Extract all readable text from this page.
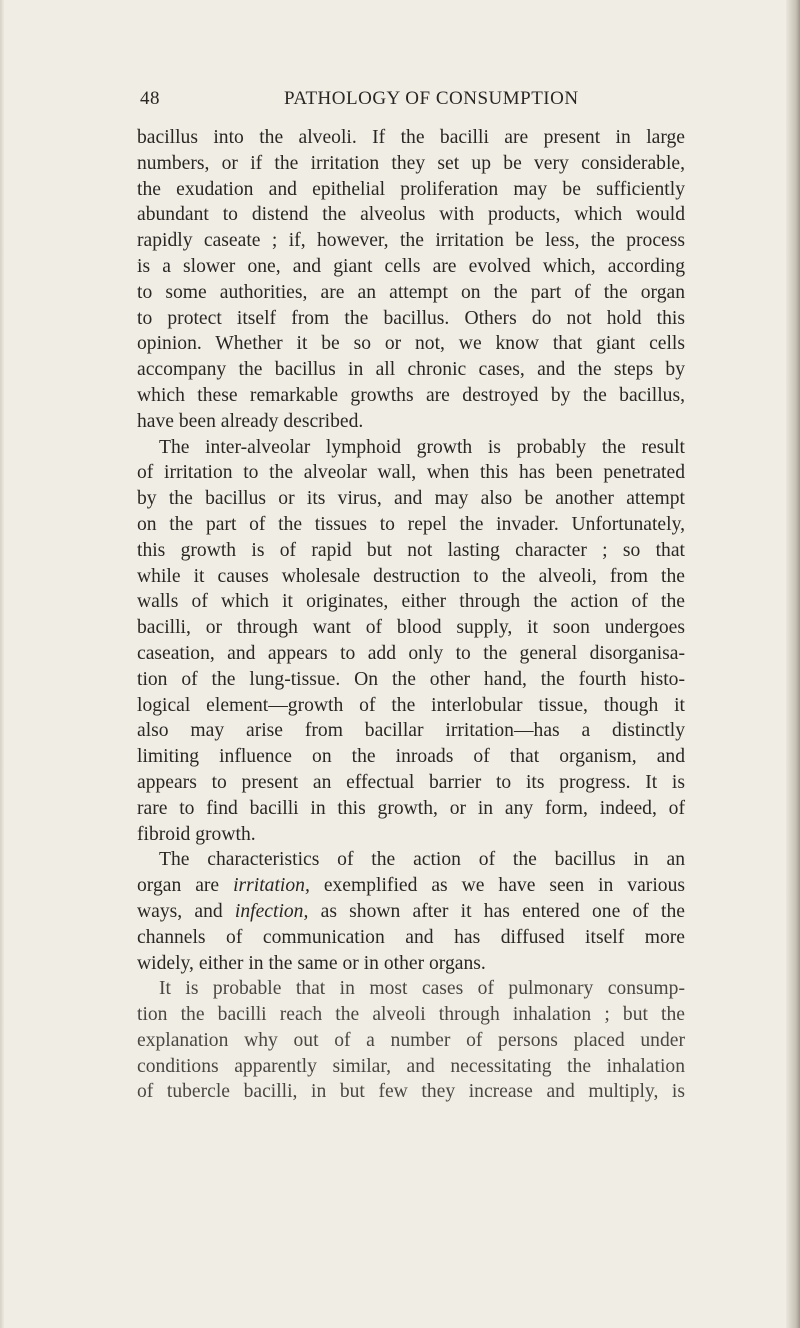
48	PATHOLOGY OF CONSUMPTION
bacillus into the alveoli. If the bacilli are present in large
numbers, or if the irritation they set up be very considerable,
the exudation and epithelial proliferation may be sufficiently
abundant to distend the alveolus with products, which would
rapidly caseate ; if, however, the irritation be less, the process
is a slower one, and giant cells are evolved which, according
to some authorities, are an attempt on the part of the organ
to protect itself from the bacillus. Others do not hold this
opinion. Whether it be so or not, we know that giant cells
accompany the bacillus in all chronic cases, and the steps by
which these remarkable growths are destroyed by the bacillus,
have been already described.
The inter-alveolar lymphoid growth is probably the result
of irritation to the alveolar wall, when this has been penetrated
by the bacillus or its virus, and may also be another attempt
on the part of the tissues to repel the invader. Unfortunately,
this growth is of rapid but not lasting character ; so that
while it causes wholesale destruction to the alveoli, from the
walls of which it originates, either through the action of the
bacilli, or through want of blood supply, it soon undergoes
caseation, and appears to add only to the general disorganisa-
tion of the lung-tissue. On the other hand, the fourth histo-
logical element—growth of the interlobular tissue, though it
also may arise from bacillar irritation—has a distinctly
limiting influence on the inroads of that organism, and
appears to present an effectual barrier to its progress. It is
rare to find bacilli in this growth, or in any form, indeed, of
fibroid growth.
The characteristics of the action of the bacillus in an
organ are irritation, exemplified as we have seen in various
ways, and infection, as shown after it has entered one of the
channels of communication and has diffused itself more
widely, either in the same or in other organs.
It is probable that in most cases of pulmonary consump-
tion the bacilli reach the alveoli through inhalation ; but the
explanation why out of a number of persons placed under
conditions apparently similar, and necessitating the inhalation
of tubercle bacilli, in but few they increase and multiply, is
